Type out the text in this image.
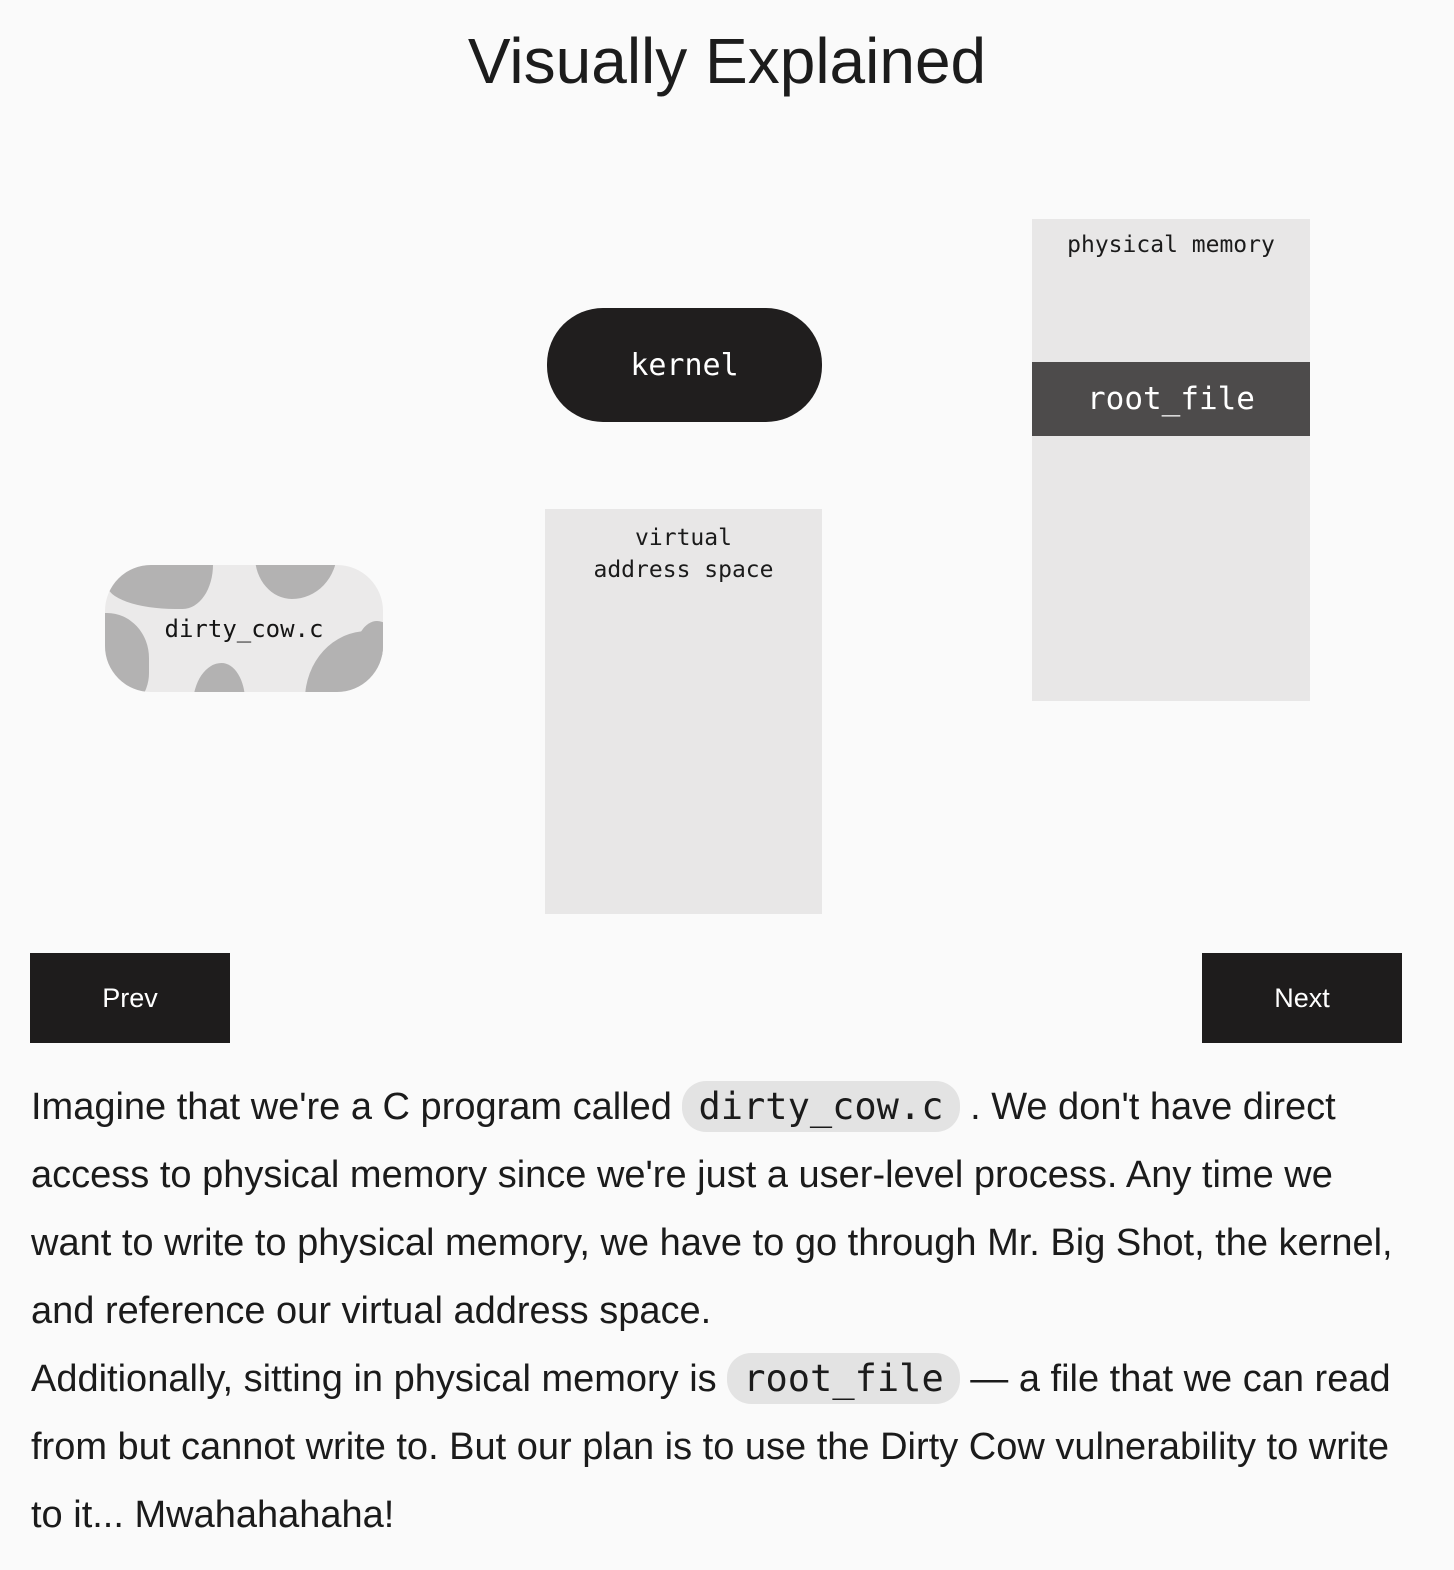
Visually Explained
dirty_cow.c
kernel
virtual
address space
physical memory
root_file
Prev	Next

Imagine that we're a C program called dirty_cow.c . We don't have direct access to physical memory since we're just a user-level process. Any time we want to write to physical memory, we have to go through Mr. Big Shot, the kernel, and reference our virtual address space.

Additionally, sitting in physical memory is root_file — a file that we can read from but cannot write to. But our plan is to use the Dirty Cow vulnerability to write to it... Mwahahahaha!
